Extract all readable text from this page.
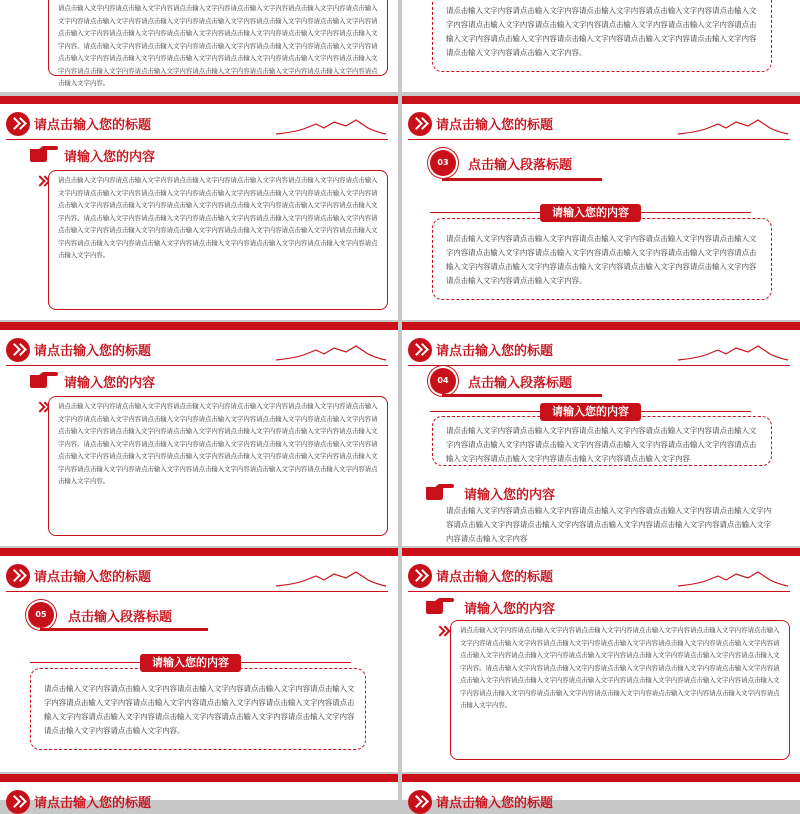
请点击输入文字内容请点击输入文字内容请点击输入文字内容请点击输入文字内容请点击输入文字内容请点击输入文字内容请点击输入文字内容请点击输入文字内容请点击输入文字内容请点击输入文字内容请点击输入文字内容请点击输入文字内容请点击输入文字内容请点击输入文字内容请点击输入文字内容请点击输入文字内容请点击输入文字内容。请点击输入文字内容请点击输入文字内容请点击输入文字内容请点击输入文字内容请点击输入文字内容请点击输入文字内容请点击输入文字内容请点击输入文字内容请点击输入文字内容请点击输入文字内容请点击输入文字内容请点击输入文字内容请点击输入文字内容请点击输入文字内容请点击输入文字内容请点击输入文字内容请点击输入文字内容。
请点击输入文字内容请点击输入文字内容请点击输入文字内容请点击输入文字内容请点击输入文字内容请点击输入文字内容请点击输入文字内容请点击输入文字内容请点击输入文字内容请点击输入文字内容请点击输入文字内容请点击输入文字内容请点击输入文字内容请点击输入文字内容请点击输入文字内容请点击输入文字内容。
请点击输入您的标题
请输入您的内容
请点击输入文字内容请点击输入文字内容请点击输入文字内容请点击输入文字内容请点击输入文字内容请点击输入文字内容请点击输入文字内容请点击输入文字内容请点击输入文字内容请点击输入文字内容请点击输入文字内容请点击输入文字内容请点击输入文字内容请点击输入文字内容请点击输入文字内容请点击输入文字内容请点击输入文字内容。请点击输入文字内容请点击输入文字内容请点击输入文字内容请点击输入文字内容请点击输入文字内容请点击输入文字内容请点击输入文字内容请点击输入文字内容请点击输入文字内容请点击输入文字内容请点击输入文字内容请点击输入文字内容请点击输入文字内容请点击输入文字内容请点击输入文字内容请点击输入文字内容请点击输入文字内容。
请点击输入您的标题
03	点击输入段落标题
请输入您的内容
请点击输入文字内容请点击输入文字内容请点击输入文字内容请点击输入文字内容请点击输入文字内容请点击输入文字内容请点击输入文字内容请点击输入文字内容请点击输入文字内容请点击输入文字内容请点击输入文字内容请点击输入文字内容请点击输入文字内容请点击输入文字内容请点击输入文字内容请点击输入文字内容。
请点击输入您的标题
请输入您的内容
请点击输入文字内容请点击输入文字内容请点击输入文字内容请点击输入文字内容请点击输入文字内容请点击输入文字内容请点击输入文字内容请点击输入文字内容请点击输入文字内容请点击输入文字内容请点击输入文字内容请点击输入文字内容请点击输入文字内容请点击输入文字内容请点击输入文字内容请点击输入文字内容请点击输入文字内容。请点击输入文字内容请点击输入文字内容请点击输入文字内容请点击输入文字内容请点击输入文字内容请点击输入文字内容请点击输入文字内容请点击输入文字内容请点击输入文字内容请点击输入文字内容请点击输入文字内容请点击输入文字内容请点击输入文字内容请点击输入文字内容请点击输入文字内容请点击输入文字内容请点击输入文字内容。
请点击输入您的标题
04	点击输入段落标题
请输入您的内容
请点击输入文字内容请点击输入文字内容请点击输入文字内容请点击输入文字内容请点击输入文字内容请点击输入文字内容请点击输入文字内容请点击输入文字内容请点击输入文字内容请点击输入文字内容请点击输入文字内容请点击输入文字内容请点击输入文字内容
请输入您的内容
请点击输入文字内容请点击输入文字内容请点击输入文字内容请点击输入文字内容请点击输入文字内容请点击输入文字内容请点击输入文字内容请点击输入文字内容请点击输入文字内容请点击输入文字内容请点击输入文字内容
请点击输入您的标题
05	点击输入段落标题
请输入您的内容
请点击输入文字内容请点击输入文字内容请点击输入文字内容请点击输入文字内容请点击输入文字内容请点击输入文字内容请点击输入文字内容请点击输入文字内容请点击输入文字内容请点击输入文字内容请点击输入文字内容请点击输入文字内容请点击输入文字内容请点击输入文字内容请点击输入文字内容请点击输入文字内容。
请点击输入您的标题
请输入您的内容
请点击输入文字内容请点击输入文字内容请点击输入文字内容请点击输入文字内容请点击输入文字内容请点击输入文字内容请点击输入文字内容请点击输入文字内容请点击输入文字内容请点击输入文字内容请点击输入文字内容请点击输入文字内容请点击输入文字内容请点击输入文字内容请点击输入文字内容请点击输入文字内容请点击输入文字内容。请点击输入文字内容请点击输入文字内容请点击输入文字内容请点击输入文字内容请点击输入文字内容请点击输入文字内容请点击输入文字内容请点击输入文字内容请点击输入文字内容请点击输入文字内容请点击输入文字内容请点击输入文字内容请点击输入文字内容请点击输入文字内容请点击输入文字内容请点击输入文字内容请点击输入文字内容。
请点击输入您的标题	请点击输入您的标题
